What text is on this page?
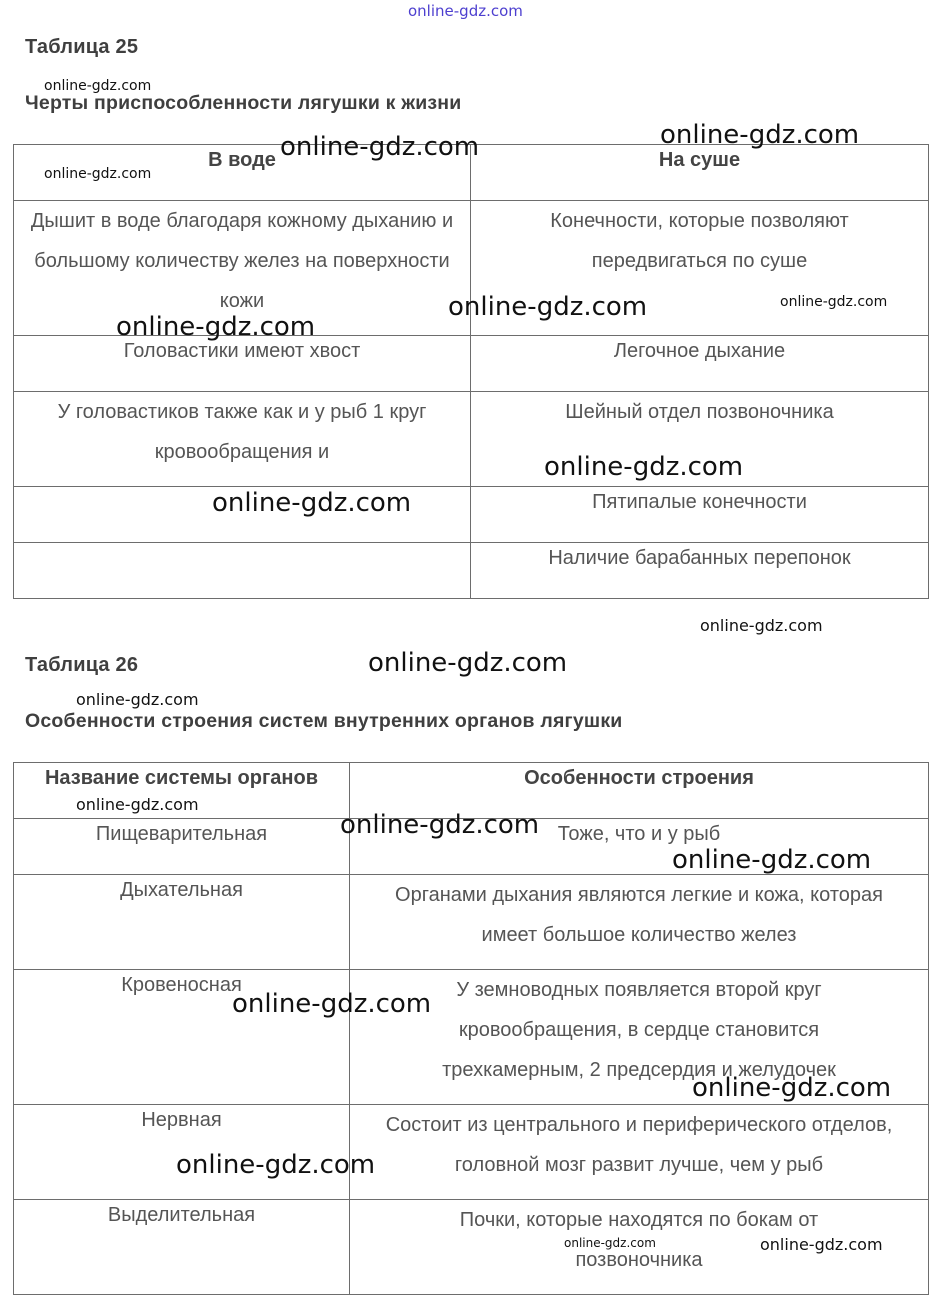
online-gdz.com
Таблица 25
Черты приспособленности лягушки к жизни
В воде	На суше
Дышит в воде благодаря кожному дыханию и большому количеству желез на поверхности кожи	Конечности, которые позволяют передвигаться по суше
Головастики имеют хвост	Легочное дыхание
У головастиков также как и у рыб 1 круг кровообращения и	Шейный отдел позвоночника
	Пятипалые конечности
	Наличие барабанных перепонок
Таблица 26
Особенности строения систем внутренних органов лягушки
Название системы органов	Особенности строения
Пищеварительная	Тоже, что и у рыб
Дыхательная	Органами дыхания являются легкие и кожа, которая имеет большое количество желез
Кровеносная	У земноводных появляется второй круг кровообращения, в сердце становится трехкамерным, 2 предсердия и желудочек
Нервная	Состоит из центрального и периферического отделов, головной мозг развит лучше, чем у рыб
Выделительная	Почки, которые находятся по бокам от позвоночника
online-gdz.com
online-gdz.com
online-gdz.com
online-gdz.com
online-gdz.com
online-gdz.com
online-gdz.com
online-gdz.com
online-gdz.com
online-gdz.com
online-gdz.com
online-gdz.com
online-gdz.com
online-gdz.com
online-gdz.com
online-gdz.com
online-gdz.com
online-gdz.com
online-gdz.com	online-gdz.com
